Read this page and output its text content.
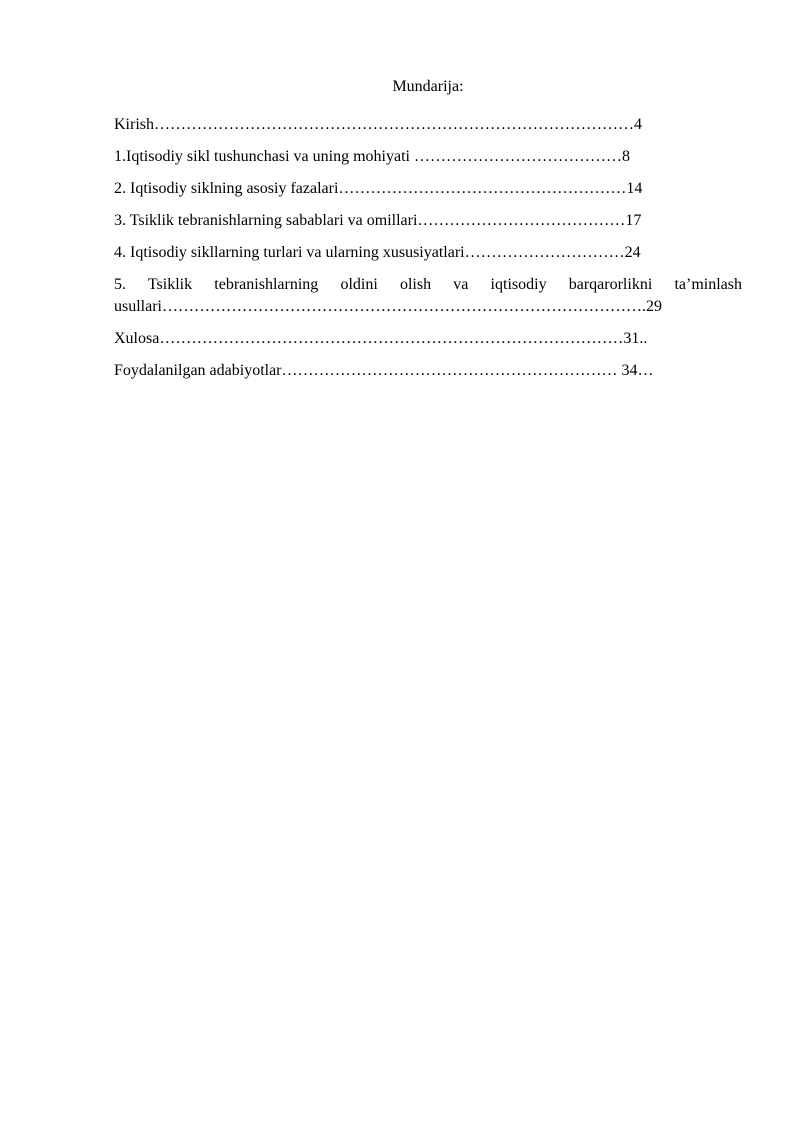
Mundarija:
Kirish………………………………………………………………………………4
1.Iqtisodiy sikl tushunchasi va uning mohiyati …………………………………8
2. Iqtisodiy siklning asosiy fazalari………………………………………………14
3. Tsiklik tebranishlarning sabablari va omillari…………………………………17
4. Iqtisodiy sikllarning turlari va ularning xususiyatlari…………………………24
5. Tsiklik tebranishlarning oldini olish va iqtisodiy barqarorlikni ta’minlash usullari……………………………………………………………………………….29
Xulosa……………………………………………………………………………31..
Foydalanilgan adabiyotlar……………………………………………………… 34…
